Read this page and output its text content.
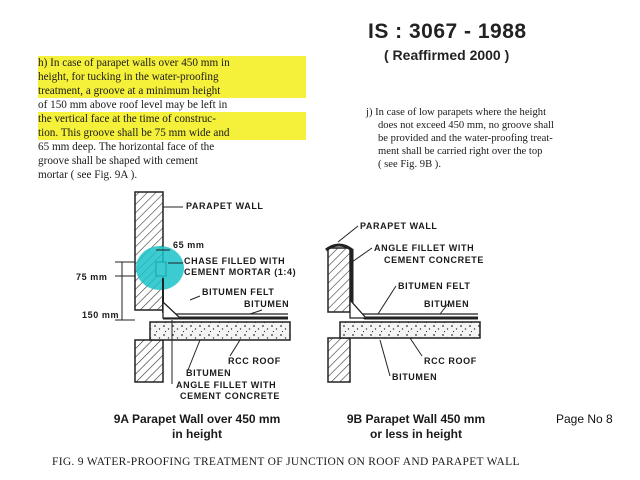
IS : 3067 - 1988
( Reaffirmed 2000 )
h) In case of parapet walls over 450 mm in
height, for tucking in the water-proofing
treatment, a groove at a minimum height
of 150 mm above roof level may be left in
the vertical face at the time of construc-
tion. This groove shall be 75 mm wide and
65 mm deep. The horizontal face of the
groove shall be shaped with cement
mortar ( see Fig. 9A ).
j) In case of low parapets where the height
does not exceed 450 mm, no groove shall
be provided and the water-proofing treat-
ment shall be carried right over the top
( see Fig. 9B ).
PARAPET WALL
65 mm
CHASE FILLED WITH
CEMENT MORTAR (1:4)
75 mm
BITUMEN FELT
BITUMEN
150 mm
RCC ROOF
BITUMEN
ANGLE FILLET WITH
CEMENT CONCRETE
PARAPET WALL
ANGLE FILLET WITH
CEMENT CONCRETE
BITUMEN FELT
BITUMEN
RCC ROOF
BITUMEN
9A Parapet Wall over 450 mm
in height
9B Parapet Wall 450 mm
or less in height
Page No 8
FIG. 9 WATER-PROOFING TREATMENT OF JUNCTION ON ROOF AND PARAPET WALL
